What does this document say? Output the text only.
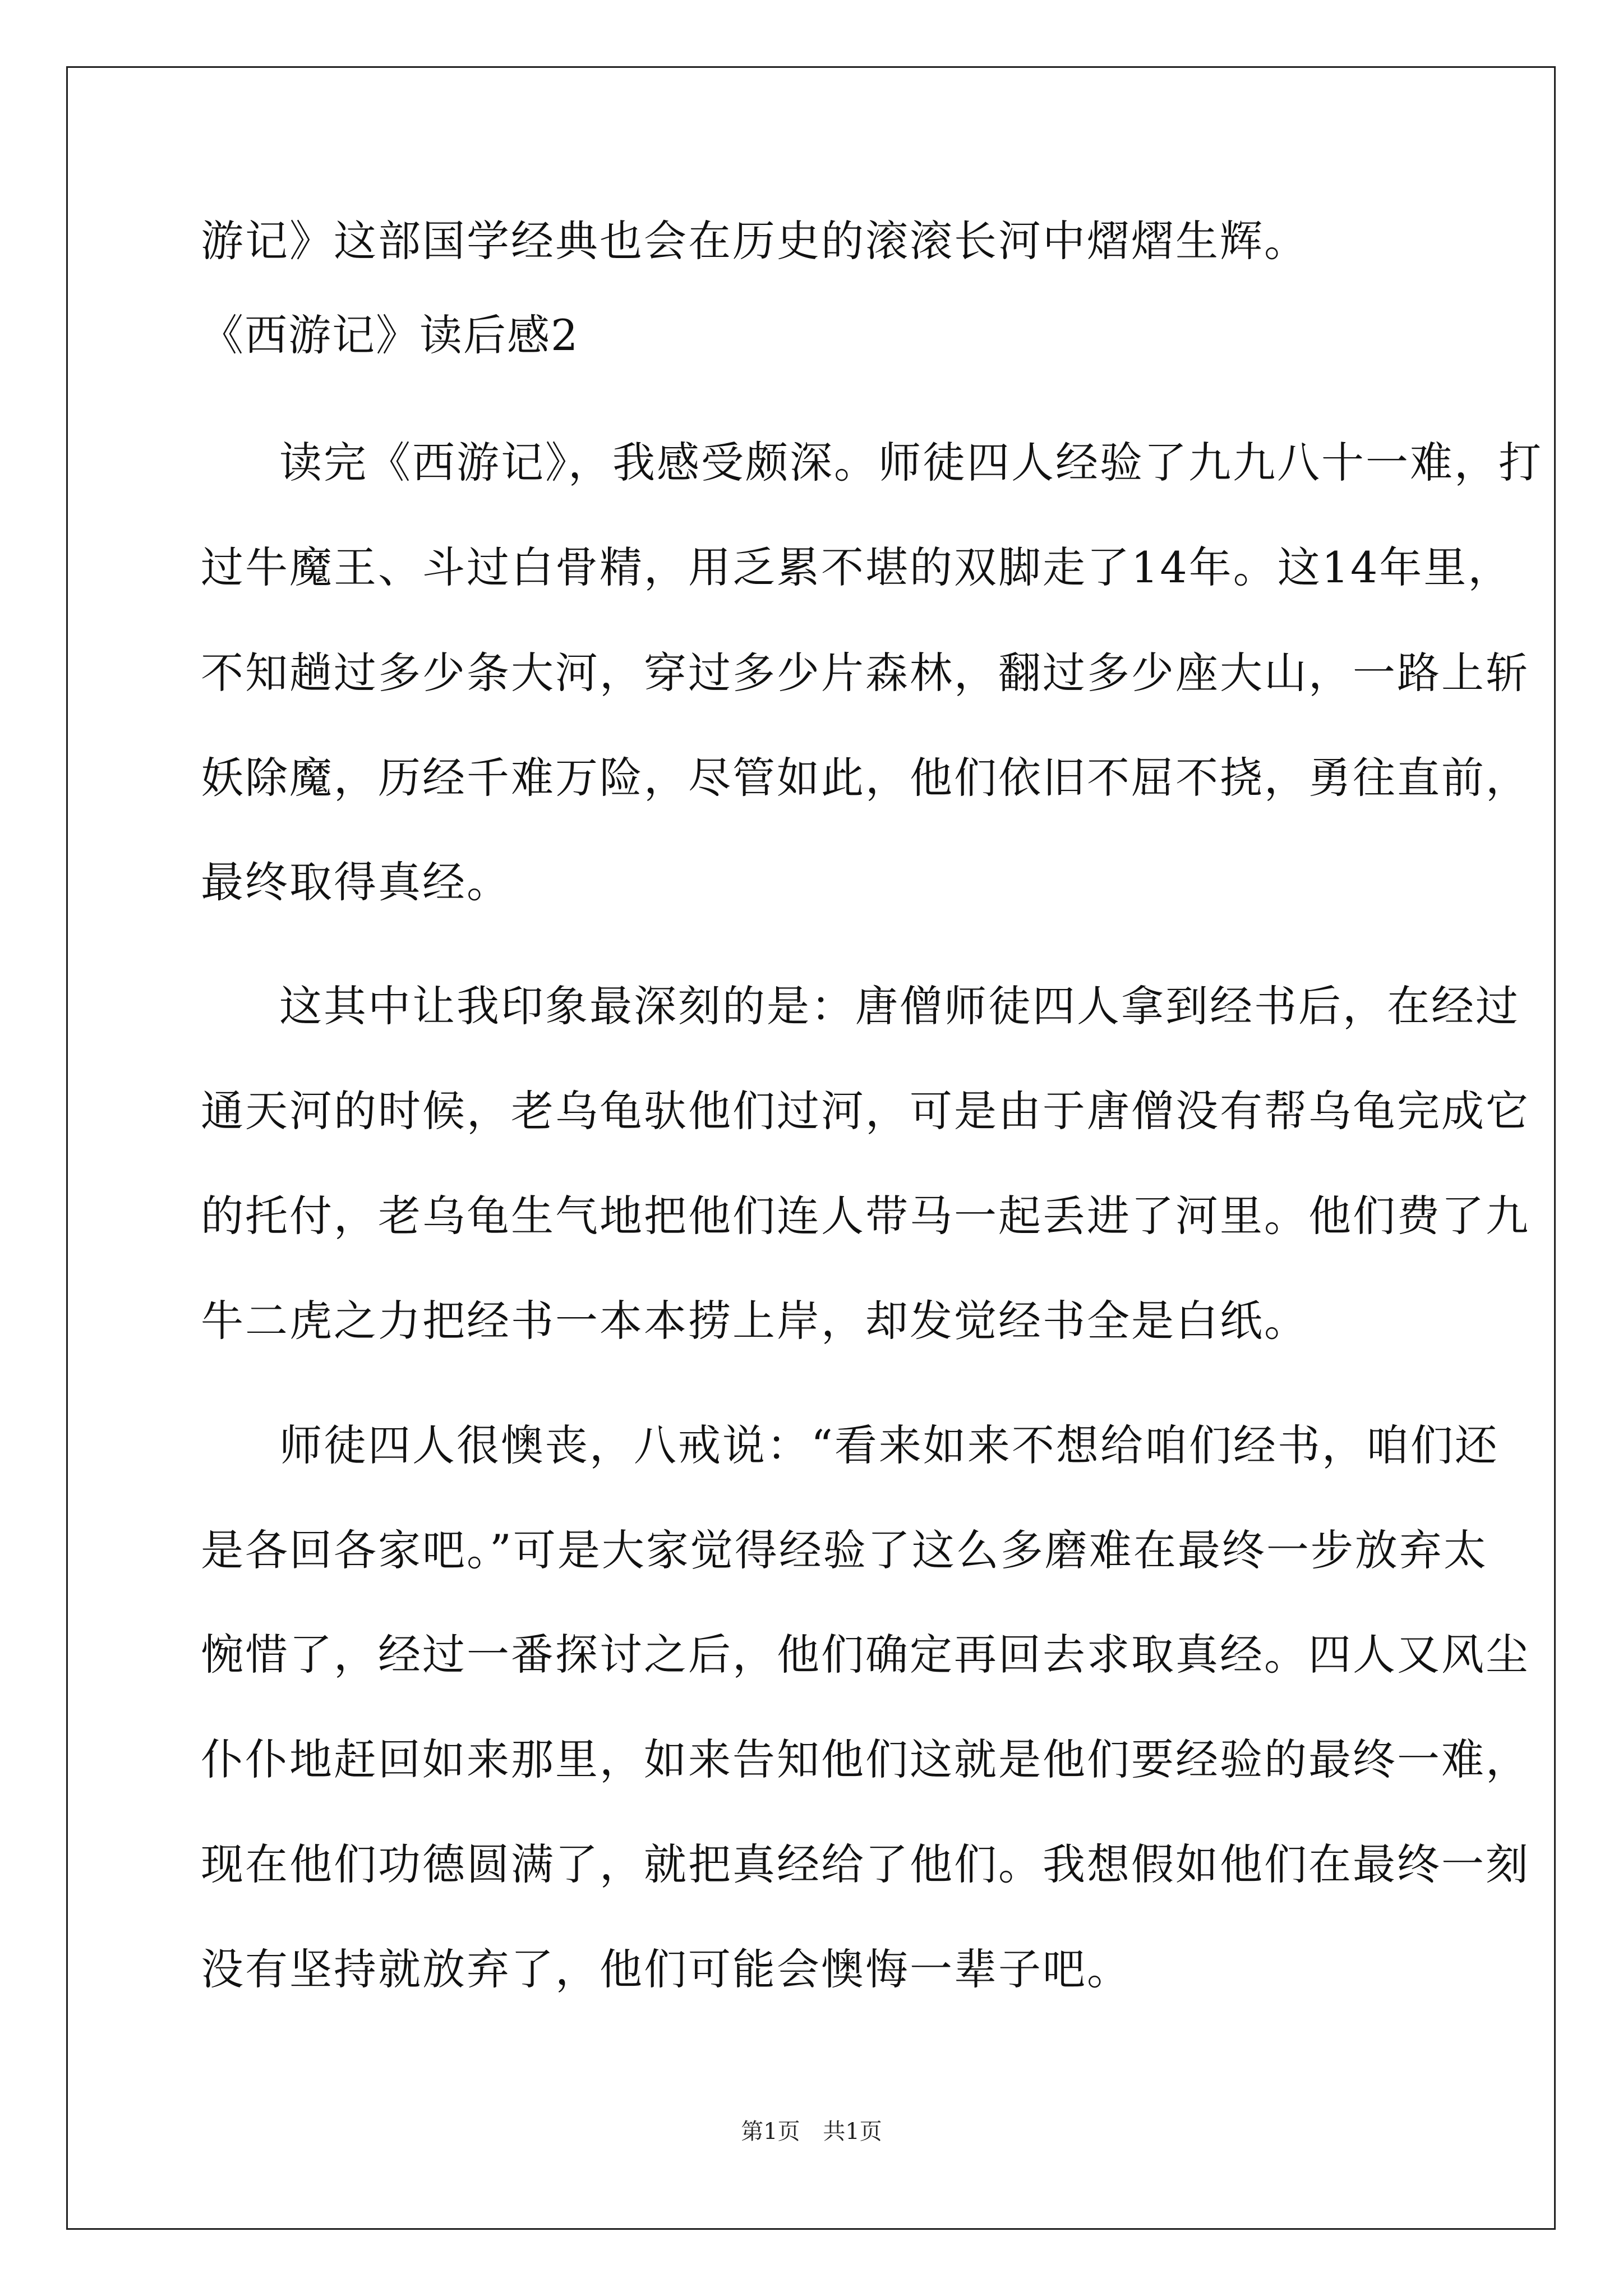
游记》这部国学经典也会在历史的滚滚长河中熠熠生辉。
《西游记》读后感2
读完《西游记》，我感受颇深。师徒四人经验了九九八十一难，打
过牛魔王、斗过白骨精，用乏累不堪的双脚走了14年。这14年里，
不知趟过多少条大河，穿过多少片森林，翻过多少座大山，一路上斩
妖除魔，历经千难万险，尽管如此，他们依旧不屈不挠，勇往直前，
最终取得真经。
这其中让我印象最深刻的是：唐僧师徒四人拿到经书后，在经过
通天河的时候，老乌龟驮他们过河，可是由于唐僧没有帮乌龟完成它
的托付，老乌龟生气地把他们连人带马一起丢进了河里。他们费了九
牛二虎之力把经书一本本捞上岸，却发觉经书全是白纸。
师徒四人很懊丧，八戒说：“看来如来不想给咱们经书，咱们还
是各回各家吧。”可是大家觉得经验了这么多磨难在最终一步放弃太
惋惜了，经过一番探讨之后，他们确定再回去求取真经。四人又风尘
仆仆地赶回如来那里，如来告知他们这就是他们要经验的最终一难，
现在他们功德圆满了，就把真经给了他们。我想假如他们在最终一刻
没有坚持就放弃了，他们可能会懊悔一辈子吧。
第1页 共1页
